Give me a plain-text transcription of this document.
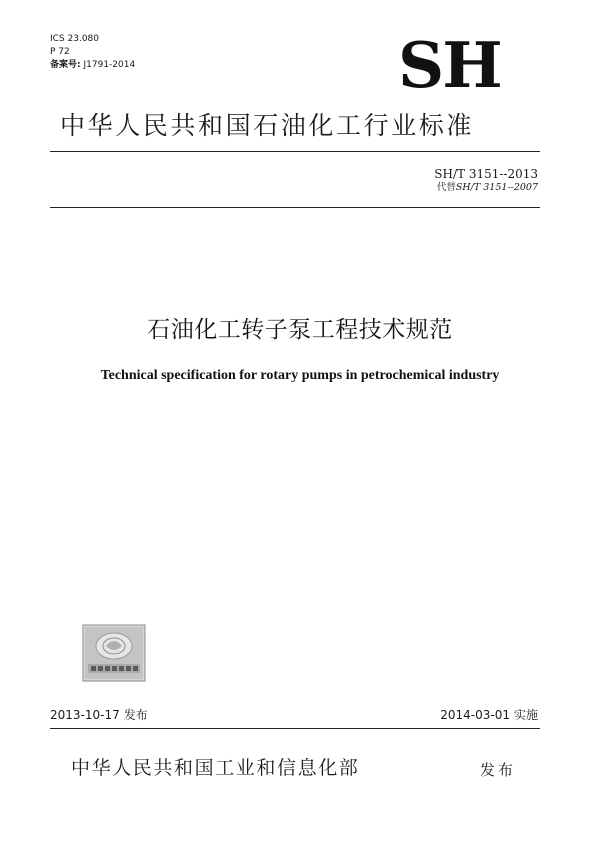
ICS 23.080
P 72
备案号: J1791-2014	SH
中华人民共和国石油化工行业标准
SH/T 3151--2013
代替SH/T 3151--2007
石油化工转子泵工程技术规范
Technical specification for rotary pumps in petrochemical industry
2013-10-17 发布	2014-03-01 实施
中华人民共和国工业和信息化部	发布
